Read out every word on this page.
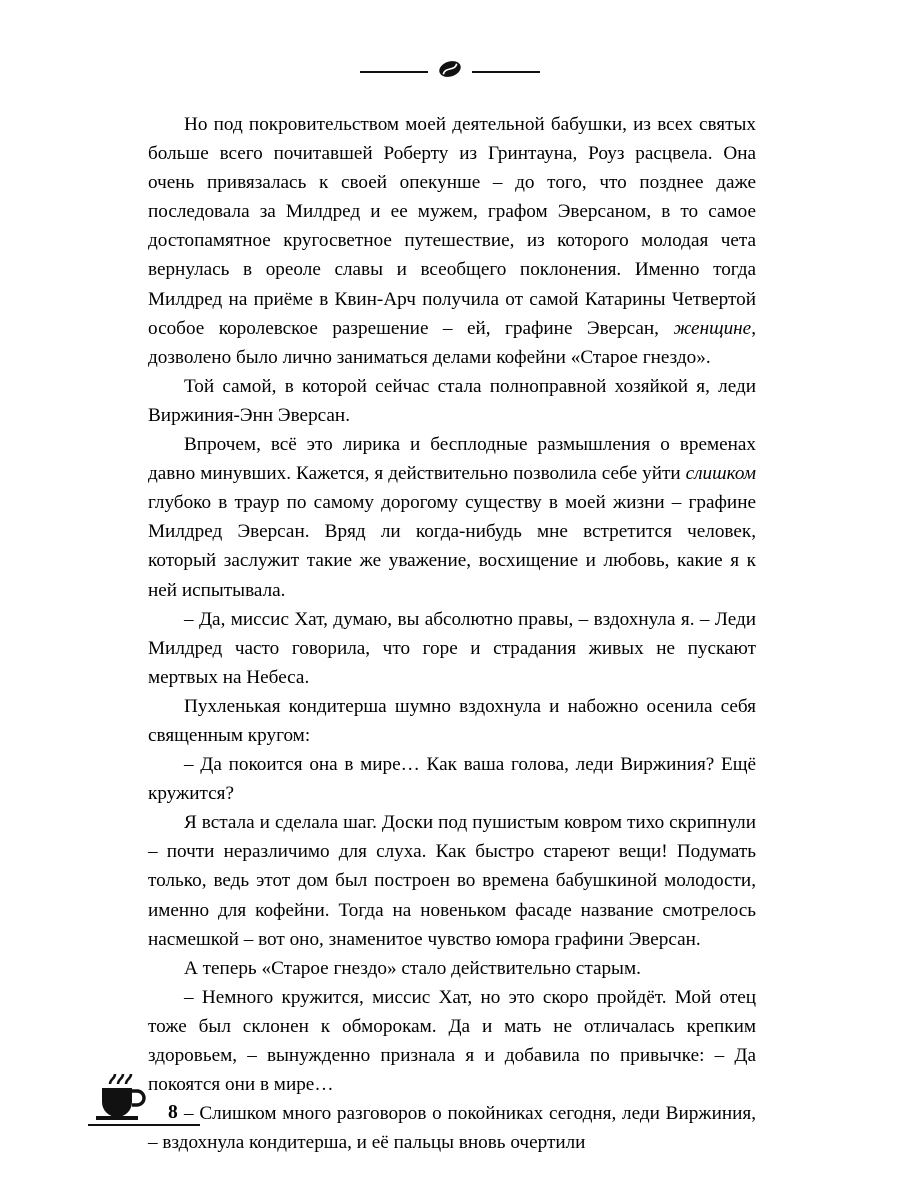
Но под покровительством моей деятельной бабушки, из всех святых больше всего почитавшей Роберту из Гринтауна, Роуз расцвела. Она очень привязалась к своей опекунше – до того, что позднее даже последовала за Милдред и ее мужем, графом Эверсаном, в то самое достопамятное кругосветное путешествие, из которого молодая чета вернулась в ореоле славы и всеобщего поклонения. Именно тогда Милдред на приёме в Квин-Арч получила от самой Катарины Четвертой особое королевское разрешение – ей, графине Эверсан, женщине, дозволено было лично заниматься делами кофейни «Старое гнездо».

Той самой, в которой сейчас стала полноправной хозяйкой я, леди Виржиния-Энн Эверсан.

Впрочем, всё это лирика и бесплодные размышления о временах давно минувших. Кажется, я действительно позволила себе уйти слишком глубоко в траур по самому дорогому существу в моей жизни – графине Милдред Эверсан. Вряд ли когда-нибудь мне встретится человек, который заслужит такие же уважение, восхищение и любовь, какие я к ней испытывала.

– Да, миссис Хат, думаю, вы абсолютно правы, – вздохнула я. – Леди Милдред часто говорила, что горе и страдания живых не пускают мертвых на Небеса.

Пухленькая кондитерша шумно вздохнула и набожно осенила себя священным кругом:

– Да покоится она в мире… Как ваша голова, леди Виржиния? Ещё кружится?

Я встала и сделала шаг. Доски под пушистым ковром тихо скрипнули – почти неразличимо для слуха. Как быстро стареют вещи! Подумать только, ведь этот дом был построен во времена бабушкиной молодости, именно для кофейни. Тогда на новеньком фасаде название смотрелось насмешкой – вот оно, знаменитое чувство юмора графини Эверсан.

А теперь «Старое гнездо» стало действительно старым.

– Немного кружится, миссис Хат, но это скоро пройдёт. Мой отец тоже был склонен к обморокам. Да и мать не отличалась крепким здоровьем, – вынужденно признала я и добавила по привычке: – Да покоятся они в мире…

– Слишком много разговоров о покойниках сегодня, леди Виржиния, – вздохнула кондитерша, и её пальцы вновь очертили

8
